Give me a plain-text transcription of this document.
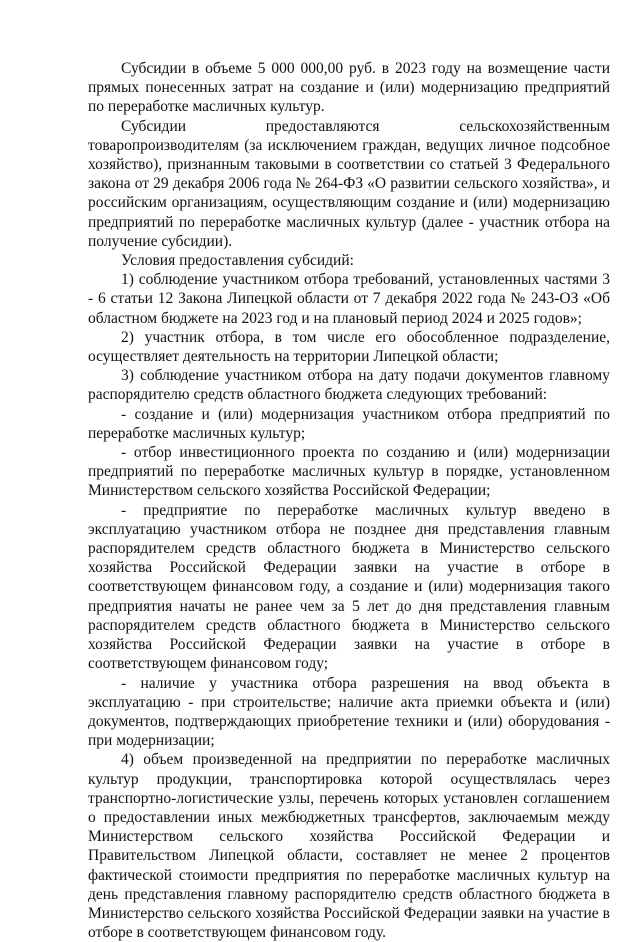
Субсидии в объеме 5 000 000,00 руб. в 2023 году на возмещение части прямых понесенных затрат на создание и (или) модернизацию предприятий по переработке масличных культур.

Субсидии предоставляются сельскохозяйственным товаропроизводителям (за исключением граждан, ведущих личное подсобное хозяйство), признанным таковыми в соответствии со статьей 3 Федерального закона от 29 декабря 2006 года № 264-ФЗ «О развитии сельского хозяйства», и российским организациям, осуществляющим создание и (или) модернизацию предприятий по переработке масличных культур (далее - участник отбора на получение субсидии).

Условия предоставления субсидий:

1) соблюдение участником отбора требований, установленных частями 3 - 6 статьи 12 Закона Липецкой области от 7 декабря 2022 года № 243-ОЗ «Об областном бюджете на 2023 год и на плановый период 2024 и 2025 годов»;

2) участник отбора, в том числе его обособленное подразделение, осуществляет деятельность на территории Липецкой области;

3) соблюдение участником отбора на дату подачи документов главному распорядителю средств областного бюджета следующих требований:

- создание и (или) модернизация участником отбора предприятий по переработке масличных культур;

- отбор инвестиционного проекта по созданию и (или) модернизации предприятий по переработке масличных культур в порядке, установленном Министерством сельского хозяйства Российской Федерации;

- предприятие по переработке масличных культур введено в эксплуатацию участником отбора не позднее дня представления главным распорядителем средств областного бюджета в Министерство сельского хозяйства Российской Федерации заявки на участие в отборе в соответствующем финансовом году, а создание и (или) модернизация такого предприятия начаты не ранее чем за 5 лет до дня представления главным распорядителем средств областного бюджета в Министерство сельского хозяйства Российской Федерации заявки на участие в отборе в соответствующем финансовом году;

- наличие у участника отбора разрешения на ввод объекта в эксплуатацию - при строительстве; наличие акта приемки объекта и (или) документов, подтверждающих приобретение техники и (или) оборудования - при модернизации;

4) объем произведенной на предприятии по переработке масличных культур продукции, транспортировка которой осуществлялась через транспортно-логистические узлы, перечень которых установлен соглашением о предоставлении иных межбюджетных трансфертов, заключаемым между Министерством сельского хозяйства Российской Федерации и Правительством Липецкой области, составляет не менее 2 процентов фактической стоимости предприятия по переработке масличных культур на день представления главному распорядителю средств областного бюджета в Министерство сельского хозяйства Российской Федерации заявки на участие в отборе в соответствующем финансовом году.
